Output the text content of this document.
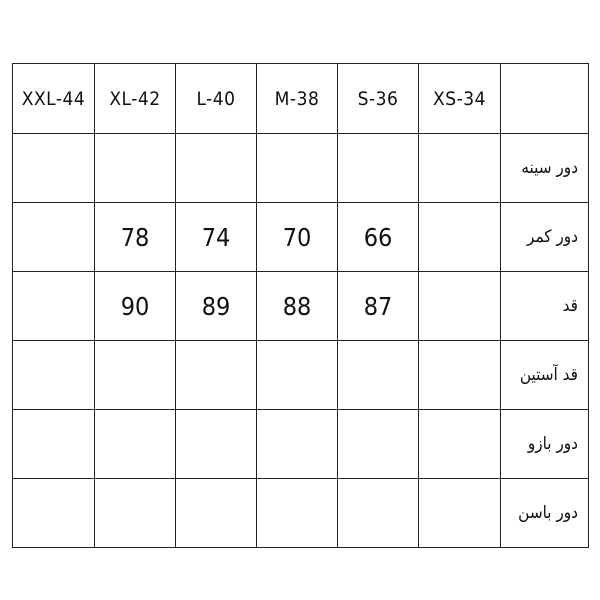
XXL-44	XL-42	L-40	M-38	S-36	XS-34	
						دور سینه
	78	74	70	66		دور کمر
	90	89	88	87		قد
						قد آستین
						دور بازو
						دور باسن
